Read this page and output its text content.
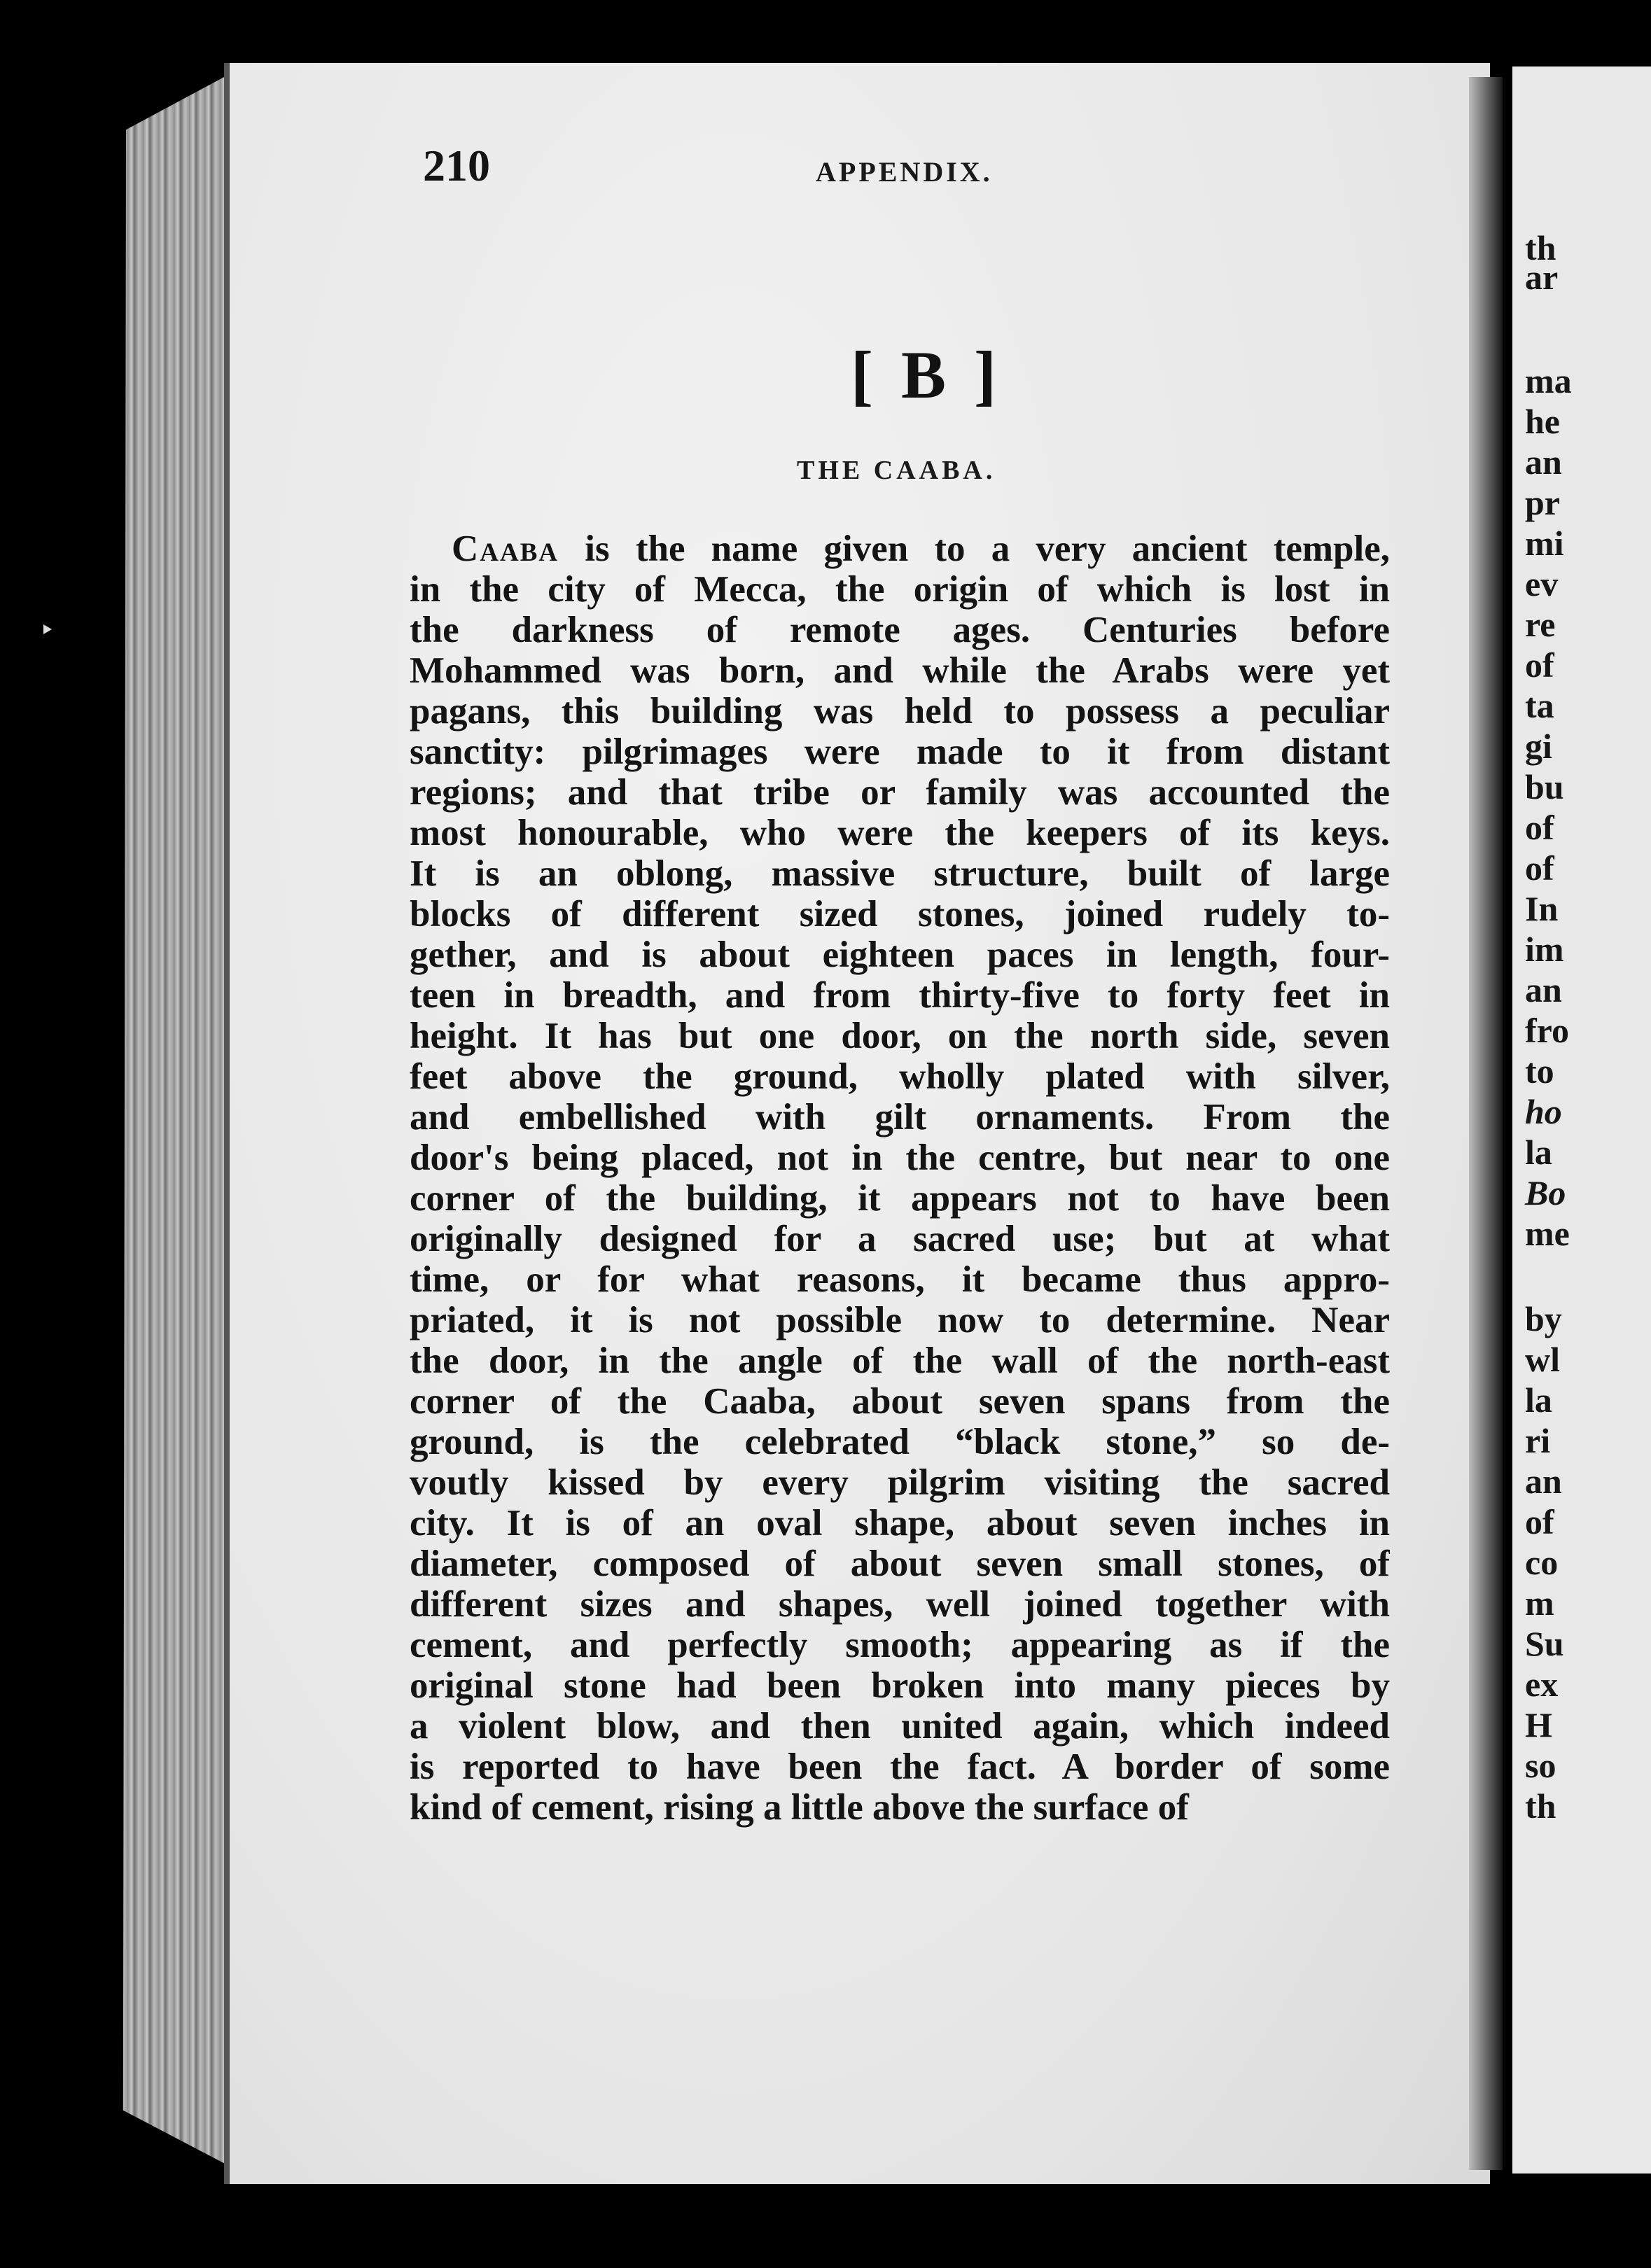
th
ar
ma
he
an
pr
mi
ev
re
of
ta
gi
bu
of
of
In
im
an
fro
to
ho
la
Bo
me
by
wl
la
ri
an
of
co
m
Su
ex
H
so
th
210	APPENDIX.
[ B ]
THE CAABA.
Caaba is the name given to a very ancient temple,
in the city of Mecca, the origin of which is lost in
the darkness of remote ages. Centuries before
Mohammed was born, and while the Arabs were yet
pagans, this building was held to possess a peculiar
sanctity: pilgrimages were made to it from distant
regions; and that tribe or family was accounted the
most honourable, who were the keepers of its keys.
It is an oblong, massive structure, built of large
blocks of different sized stones, joined rudely to-
gether, and is about eighteen paces in length, four-
teen in breadth, and from thirty-five to forty feet in
height. It has but one door, on the north side, seven
feet above the ground, wholly plated with silver,
and embellished with gilt ornaments. From the
door's being placed, not in the centre, but near to one
corner of the building, it appears not to have been
originally designed for a sacred use; but at what
time, or for what reasons, it became thus appro-
priated, it is not possible now to determine. Near
the door, in the angle of the wall of the north-east
corner of the Caaba, about seven spans from the
ground, is the celebrated “black stone,” so de-
voutly kissed by every pilgrim visiting the sacred
city. It is of an oval shape, about seven inches in
diameter, composed of about seven small stones, of
different sizes and shapes, well joined together with
cement, and perfectly smooth; appearing as if the
original stone had been broken into many pieces by
a violent blow, and then united again, which indeed
is reported to have been the fact. A border of some
kind of cement, rising a little above the surface of
